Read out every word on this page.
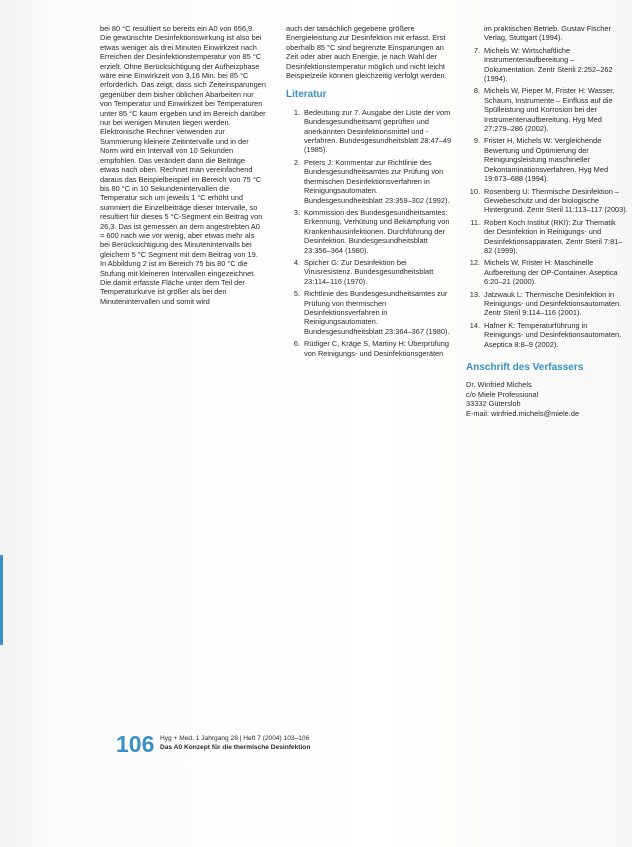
bei 80 °C resultiert so bereits ein A0 von 656,9. Die gewünschte Desinfektionswirkung ist also bei etwas weniger als drei Minuten Einwirkzeit nach Erreichen der Desinfektionstemperatur von 85 °C erzielt. Ohne Berücksichtigung der Aufheizphase wäre eine Einwirkzeit von 3,16 Min. bei 85 °C erforderlich. Das zeigt, dass sich Zeiteinsparungen gegenüber dem bisher üblichen Abarbeiten nur von Temperatur und Einwirkzeit bei Temperaturen unter 85 °C kaum ergeben und im Bereich darüber nur bei wenigen Minuten liegen werden.

Elektronische Rechner verwenden zur Summierung kleinere Zeitintervalle und in der Norm wird ein Intervall von 10 Sekunden empfohlen. Das verändert dann die Beiträge etwas nach oben. Rechnet man vereinfachend daraus das Beispielbeispiel im Bereich von 75 °C bis 80 °C in 10 Sekundenintervallen die Temperatur sich um jeweils 1 °C erhöht und summiert die Einzelbeiträge dieser Intervalle, so resultiert für dieses 5 °C-Segment ein Beitrag von 26,3. Das ist gemessen an dem angestrebten A0 = 600 nach wie vor wenig, aber etwas mehr als bei Berücksichtigung des Minutenintervalls bei gleichem 5 °C Segment mit dem Beitrag von 19. In Abbildung 2 ist im Bereich 75 bis 80 °C die Stufung mit kleineren Intervallen eingezeichnet. Die damit erfasste Fläche unter dem Teil der Temperaturkurve ist größer als bei den Minutenintervallen und somit wird

auch der tatsächlich gegebene größere Energieleistung zur Desinfektion mit erfasst. Erst oberhalb 85 °C sind begrenzte Einsparungen an Zeit oder aber auch Energie, je nach Wahl der Desinfektionstemperatur möglich und nicht leicht Beispielzeile können gleichzeitig verfolgt werden.

Literatur
1. Bedeutung zur 7. Ausgabe der Liste der vom Bundesgesundheitsamt geprüften und anerkannten Desinfektionsmittel und -verfahren. Bundesgesundheitsblatt 28:47–49 (1985).
2. Peters J: Kommentar zur Richtlinie des Bundesgesundheitsamtes zur Prüfung von thermischen Desinfektionsverfahren in Reinigungsautomaten. Bundesgesundheitsblatt 23:359–302 (1992).
3. Kommission des Bundesgesundheitsamtes: Erkennung, Verhütung und Bekämpfung von Krankenhausinfektionen. Durchführung der Desinfektion. Bundesgesundheitsblatt 23:356–364 (1980).
4. Spicher G: Zur Desinfektion bei Virusresistenz. Bundesgesundheitsblatt 23:114–116 (1970).
5. Richtlinie des Bundesgesundheitsamtes zur Prüfung von thermischen Desinfektionsverfahren in Reinigungsautomaten. Bundesgesundheitsblatt 23:364–367 (1980).
6. Rüdiger C, Kräge S, Martiny H: Überprüfung von Reinigungs- und Desinfektionsgeräten
im praktischen Betrieb. Gustav Fischer Verlag, Stuttgart (1994).
7. Michels W: Wirtschaftliche Instrumentenaufbereitung – Dokumentation. Zentr Sterili 2:252–262 (1994).
8. Michels W, Pieper M, Frister H: Wasser, Schaum, Instrumente – Einfluss auf die Spülleistung und Korrosion bei der Instrumentenaufbereitung. Hyg Med 27:279–286 (2002).
9. Frister H, Michels W: Vergleichende Bewertung und Optimierung der Reinigungsleistung maschineller Dekontaminationsverfahren. Hyg Med 19:673–688 (1994).
10. Rosenberg U: Thermische Desinfektion – Gewebeschutz und der biologische Hintergrund. Zentr Steril 11:113–117 (2003).
11. Robert Koch Institut (RKI): Zur Thematik der Desinfektion in Reinigungs- und Desinfektionsapparaten. Zentr Steril 7:81–82 (1999).
12. Michels W, Frister H: Maschinelle Aufbereitung der OP-Container. Aseptica 6:20–21 (2000).
13. Jatzwauk L: Thermische Desinfektion in Reinigungs- und Desinfektionsautomaten. Zentr Steril 9:114–116 (2001).
14. Hafner K: Temperaturführung in Reinigungs- und Desinfektionsautomaten. Aseptica 8:8–9 (2002).
Anschrift des Verfassers

Dr. Winfried Michels

c/o Miele Professional

33332 Gütersloh

E-mail: winfried.michels@miele.de

106 Hyg + Med, 1 Jahrgang 28 | Heft 7 (2004) 103–106
Das A0 Konzept für die thermische Desinfektion
